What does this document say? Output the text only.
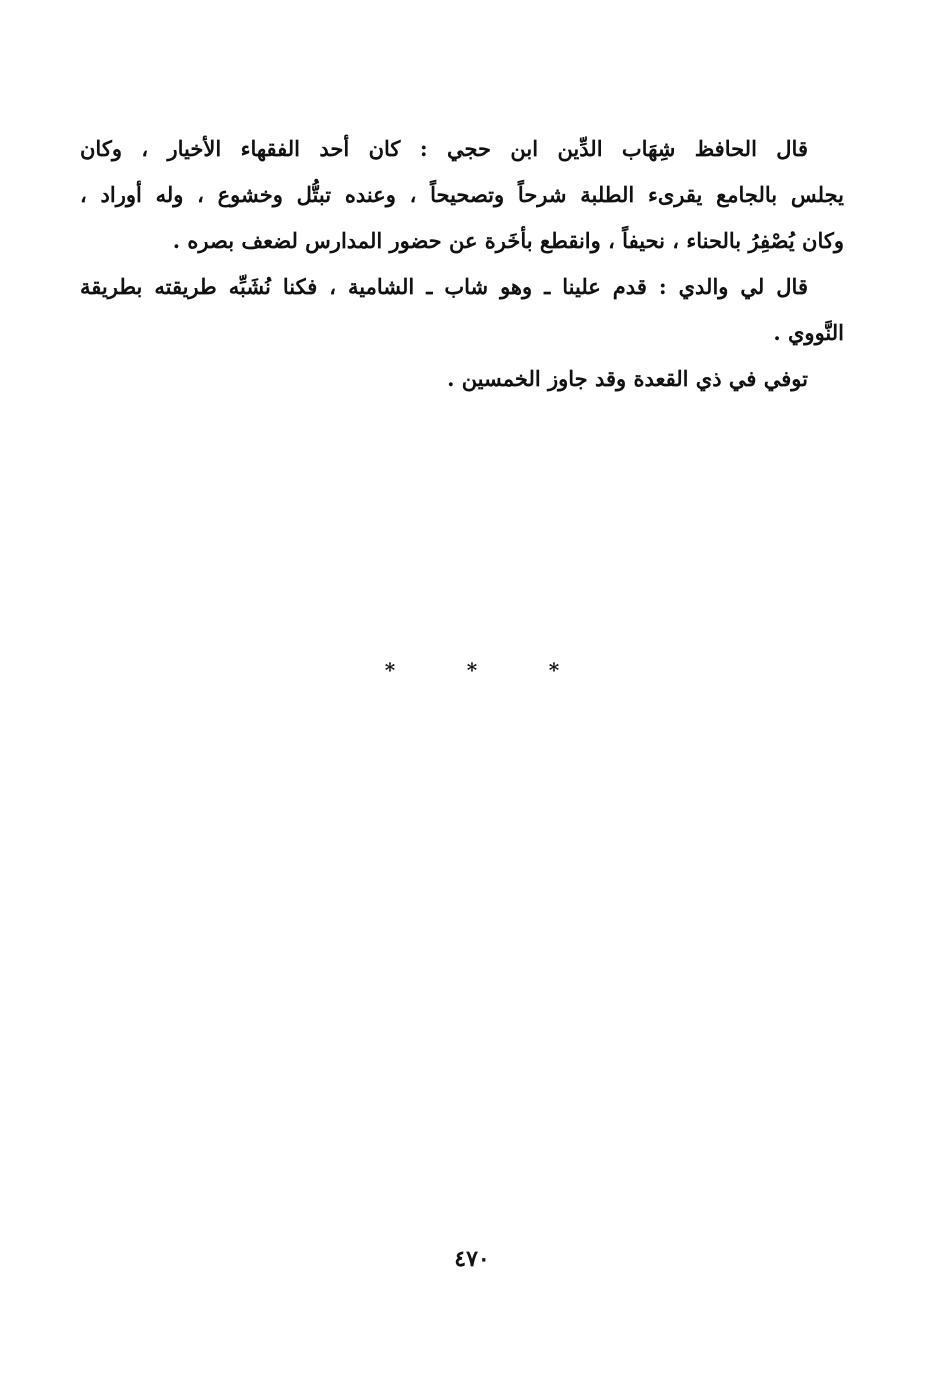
قال الحافظ شِهَاب الدِّين ابن حجي : كان أحد الفقهاء الأخيار ، وكان
يجلس بالجامع يقرىء الطلبة شرحاً وتصحيحاً ، وعنده تبتُّل وخشوع ، وله أوراد ،
وكان يُصْفِرُ بالحناء ، نحيفاً ، وانقطع بأخَرة عن حضور المدارس لضعف بصره .

قال لي والدي : قدم علينا ـ وهو شاب ـ الشامية ، فكنا نُشَبِّه طريقته بطريقة
النَّووي .

توفي في ذي القعدة وقد جاوز الخمسين .

*	*	*
٤٧٠
